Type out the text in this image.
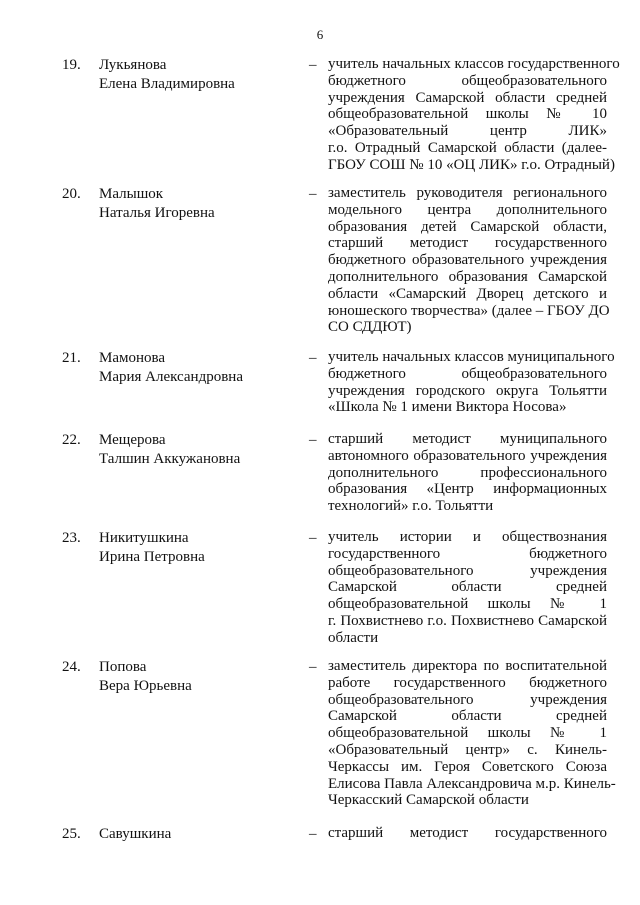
6
19. Лукьянова
Елена Владимировна
– учитель начальных классов государственного
бюджетного общеобразовательного
учреждения Самарской области средней
общеобразовательной школы № 10
«Образовательный центр ЛИК»
г.о. Отрадный Самарской области (далее-
ГБОУ СОШ № 10 «ОЦ ЛИК» г.о. Отрадный)
20. Малышок
Наталья Игоревна
– заместитель руководителя регионального
модельного центра дополнительного
образования детей Самарской области,
старший методист государственного
бюджетного образовательного учреждения
дополнительного образования Самарской
области «Самарский Дворец детского и
юношеского творчества» (далее – ГБОУ ДО
СО СДДЮТ)
21. Мамонова
Мария Александровна
– учитель начальных классов муниципального
бюджетного общеобразовательного
учреждения городского округа Тольятти
«Школа № 1 имени Виктора Носова»
22. Мещерова
Талшин Аккужановна
– старший методист муниципального
автономного образовательного учреждения
дополнительного профессионального
образования «Центр информационных
технологий» г.о. Тольятти
23. Никитушкина
Ирина Петровна
– учитель истории и обществознания
государственного бюджетного
общеобразовательного учреждения
Самарской области средней
общеобразовательной школы № 1
г. Похвистнево г.о. Похвистнево Самарской
области
24. Попова
Вера Юрьевна
– заместитель директора по воспитательной
работе государственного бюджетного
общеобразовательного учреждения
Самарской области средней
общеобразовательной школы № 1
«Образовательный центр» с. Кинель-
Черкассы им. Героя Советского Союза
Елисова Павла Александровича м.р. Кинель-
Черкасский Самарской области
25. Савушкина	– старший методист государственного
